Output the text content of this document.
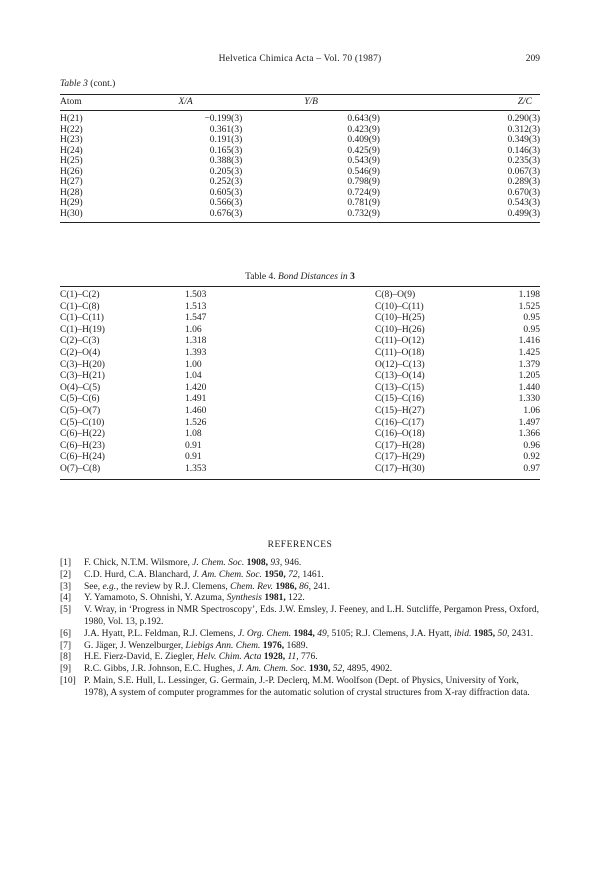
Helvetica Chimica Acta – Vol. 70 (1987)	209
Table 3 (cont.)
Atom	X/A	Y/B	Z/C
H(21)	−0.199(3)	0.643(9)	0.290(3)
H(22)	0.361(3)	0.423(9)	0.312(3)
H(23)	0.191(3)	0.409(9)	0.349(3)
H(24)	0.165(3)	0.425(9)	0.146(3)
H(25)	0.388(3)	0.543(9)	0.235(3)
H(26)	0.205(3)	0.546(9)	0.067(3)
H(27)	0.252(3)	0.798(9)	0.289(3)
H(28)	0.605(3)	0.724(9)	0.670(3)
H(29)	0.566(3)	0.781(9)	0.543(3)
H(30)	0.676(3)	0.732(9)	0.499(3)
Table 4. Bond Distances in 3
C(1)–C(2)	1.503	C(8)–O(9)	1.198
C(1)–C(8)	1.513	C(10)–C(11)	1.525
C(1)–C(11)	1.547	C(10)–H(25)	0.95
C(1)–H(19)	1.06	C(10)–H(26)	0.95
C(2)–C(3)	1.318	C(11)–O(12)	1.416
C(2)–O(4)	1.393	C(11)–O(18)	1.425
C(3)–H(20)	1.00	O(12)–C(13)	1.379
C(3)–H(21)	1.04	C(13)–O(14)	1.205
O(4)–C(5)	1.420	C(13)–C(15)	1.440
C(5)–C(6)	1.491	C(15)–C(16)	1.330
C(5)–O(7)	1.460	C(15)–H(27)	1.06
C(5)–C(10)	1.526	C(16)–C(17)	1.497
C(6)–H(22)	1.08	C(16)–O(18)	1.366
C(6)–H(23)	0.91	C(17)–H(28)	0.96
C(6)–H(24)	0.91	C(17)–H(29)	0.92
O(7)–C(8)	1.353	C(17)–H(30)	0.97
REFERENCES
[1] F. Chick, N.T.M. Wilsmore, J. Chem. Soc. 1908, 93, 946.
[2] C.D. Hurd, C.A. Blanchard, J. Am. Chem. Soc. 1950, 72, 1461.
[3] See, e.g., the review by R.J. Clemens, Chem. Rev. 1986, 86, 241.
[4] Y. Yamamoto, S. Ohnishi, Y. Azuma, Synthesis 1981, 122.
[5] V. Wray, in ‘Progress in NMR Spectroscopy’, Eds. J.W. Emsley, J. Feeney, and L.H. Sutcliffe, Pergamon Press, Oxford, 1980, Vol. 13, p.192.
[6] J.A. Hyatt, P.L. Feldman, R.J. Clemens, J. Org. Chem. 1984, 49, 5105; R.J. Clemens, J.A. Hyatt, ibid. 1985, 50, 2431.
[7] G. Jäger, J. Wenzelburger, Liebigs Ann. Chem. 1976, 1689.
[8] H.E. Fierz-David, E. Ziegler, Helv. Chim. Acta 1928, 11, 776.
[9] R.C. Gibbs, J.R. Johnson, E.C. Hughes, J. Am. Chem. Soc. 1930, 52, 4895, 4902.
[10] P. Main, S.E. Hull, L. Lessinger, G. Germain, J.-P. Declerq, M.M. Woolfson (Dept. of Physics, University of York, 1978), A system of computer programmes for the automatic solution of crystal structures from X-ray diffraction data.
